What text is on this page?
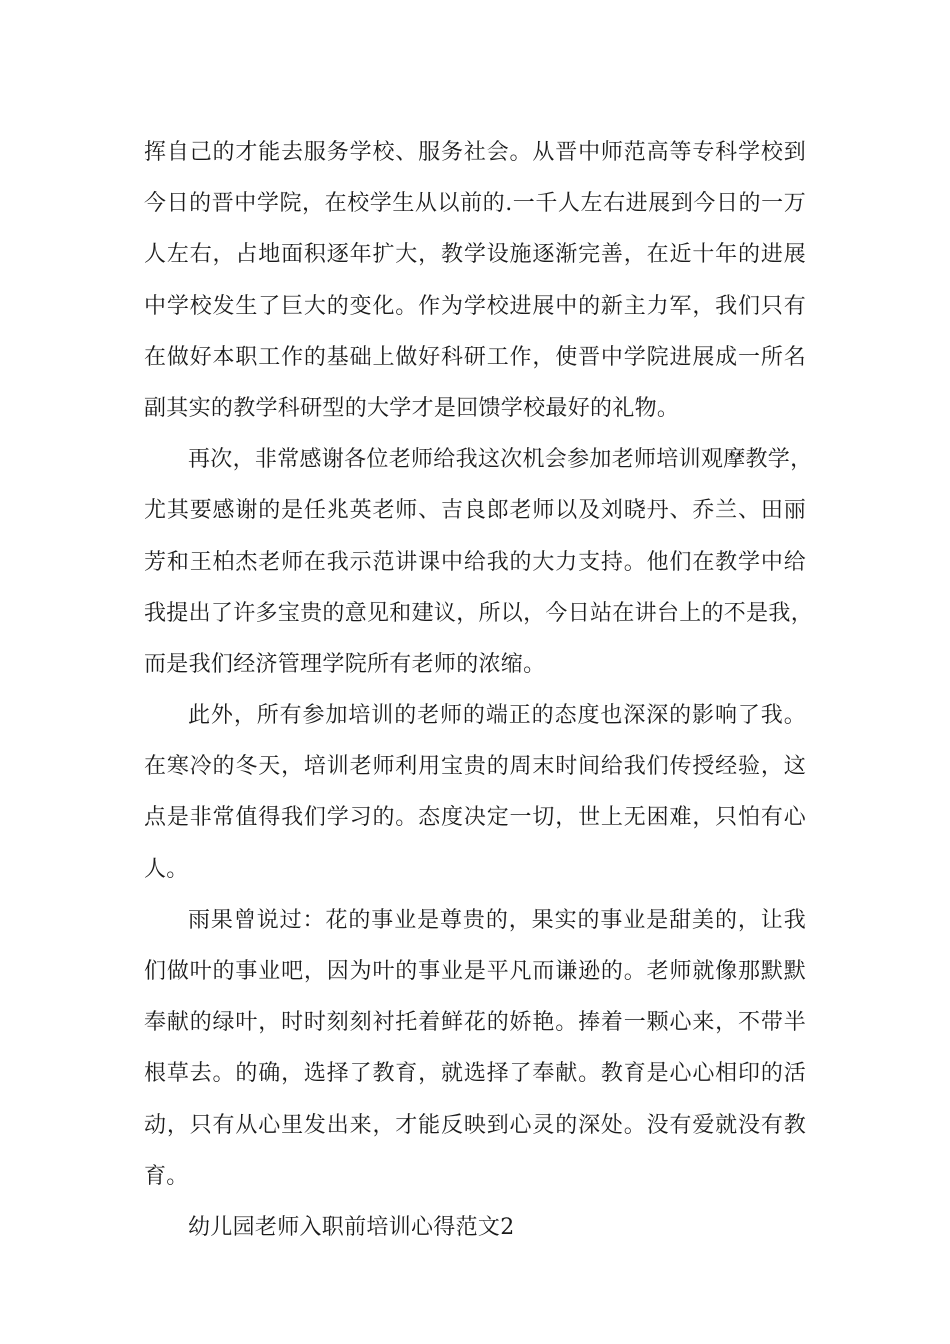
挥自己的才能去服务学校、服务社会。从晋中师范高等专科学校到
今日的晋中学院，在校学生从以前的.一千人左右进展到今日的一万
人左右，占地面积逐年扩大，教学设施逐渐完善，在近十年的进展
中学校发生了巨大的变化。作为学校进展中的新主力军，我们只有
在做好本职工作的基础上做好科研工作，使晋中学院进展成一所名
副其实的教学科研型的大学才是回馈学校最好的礼物。
再次，非常感谢各位老师给我这次机会参加老师培训观摩教学，
尤其要感谢的是任兆英老师、吉良郎老师以及刘晓丹、乔兰、田丽
芳和王柏杰老师在我示范讲课中给我的大力支持。他们在教学中给
我提出了许多宝贵的意见和建议，所以，今日站在讲台上的不是我，
而是我们经济管理学院所有老师的浓缩。
此外，所有参加培训的老师的端正的态度也深深的影响了我。
在寒冷的冬天，培训老师利用宝贵的周末时间给我们传授经验，这
点是非常值得我们学习的。态度决定一切，世上无困难，只怕有心
人。
雨果曾说过：花的事业是尊贵的，果实的事业是甜美的，让我
们做叶的事业吧，因为叶的事业是平凡而谦逊的。老师就像那默默
奉献的绿叶，时时刻刻衬托着鲜花的娇艳。捧着一颗心来，不带半
根草去。的确，选择了教育，就选择了奉献。教育是心心相印的活
动，只有从心里发出来，才能反映到心灵的深处。没有爱就没有教
育。
幼儿园老师入职前培训心得范文2
